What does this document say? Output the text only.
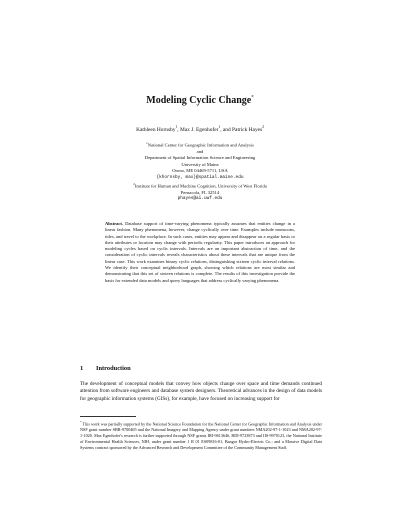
Modeling Cyclic Change*
Kathleen Hornsby$^1$, Max J. Egenhofer$^1$, and Patrick Hayes$^2$
$^1$National Center for Geographic Information and Analysis
and
Department of Spatial Information Science and Engineering
University of Maine
Orono, ME 04469-5711, USA
{khornsby, max}@spatial.maine.edu
$^2$Institute for Human and Machine Cognition, University of West Florida
Pensacola, FL 32514
phayes@ai.uwf.edu
Abstract. Database support of time-varying phenomena typically assumes that entities change in a linear fashion. Many phenomena, however, change cyclically over time. Examples include monsoons, tides, and travel to the workplace. In such cases, entities may appear and disappear on a regular basis or their attributes or location may change with periodic regularity. This paper introduces an approach for modeling cycles based on cyclic intervals. Intervals are an important abstraction of time, and the consideration of cyclic intervals reveals characteristics about these intervals that are unique from the linear case. This work examines binary cyclic relations, distinguishing sixteen cyclic interval relations. We identify their conceptual neighborhood graph, showing which relations are most similar and demonstrating that this set of sixteen relations is complete. The results of this investigation provide the basis for extended data models and query languages that address cyclically varying phenomena.
1 Introduction
The development of conceptual models that convey how objects change over space and time demands continued attention from software engineers and database system designers. Theoretical advances in the design of data models for geographic information systems (GISs), for example, have focused on increasing support for
* This work was partially supported by the National Science Foundation for the National Center for Geographic Information and Analysis under NSF grant number SBR-9700465 and the National Imagery and Mapping Agency under grant numbers NMA202-97-1-1023 and NMA202-97-1-1020. Max Egenhofer's research is further supported through NSF grants IRI-9613646, BDI-9723873 and IIS-9970123, the National Institute of Environmental Health Sciences, NIH, under grant number 1 R 01 ES09816-01, Bangor Hydro-Electric Co.; and a Massive Digital Data Systems contract sponsored by the Advanced Research and Development Committee of the Community Management Staff.
